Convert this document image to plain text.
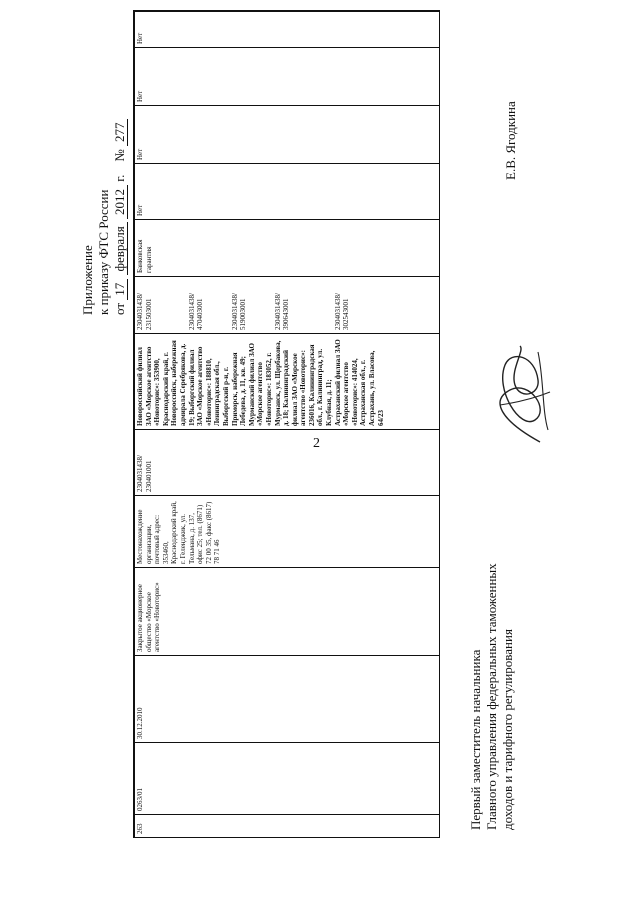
2
Приложение к приказу ФТС России от 17 февраля 2012 г.    № 277
263
0263/01
30.12.2010
Закрытое акционерное общество «Морское агентство «Новоторис»
Местонахождение организации, почтовый адрес: 353460, Краснодарский край, г. Геленджик, ул. Тельмана, д. 137, офис 25; тел. (8671) 72 00 35, факс (8617) 78 71 46
2304031438/ 230401001
Новороссийский филиал ЗАО «Морское агентство «Новоторис»: 353900, Краснодарский край, г. Новороссийск, набережная адмирала Серебрякова, д. 19; Выборгский филиал ЗАО «Морское агентство «Новоторис»: 188810, Ленинградская обл., Выборгский р-н, г. Приморск, набережная Лебедева, д. 11, кв. 49; Мурманский филиал ЗАО «Морское агентство «Новоторис»: 183052, г. Мурманск, ул. Щербакова, д. 18; Калининградский филиал ЗАО «Морское агентство «Новоторис»: 236016, Калининградская обл., г. Калининград, ул. Клубная, д. 11; Астраханский филиал ЗАО «Морское агентство «Новоторис»: 414024, Астраханская обл., г. Астрахань, ул. Власова, 64/23
2304031438/ 231503001

2304031438/ 470403001

2304031438/ 519003001

2304031438/ 390643001

2304031438/ 302543001
Банковская гарантия
Нет
Нет
Нет
Нет
Первый заместитель начальника Главного управления федеральных таможенных доходов и тарифного регулирования
Е.В. Ягодкина
